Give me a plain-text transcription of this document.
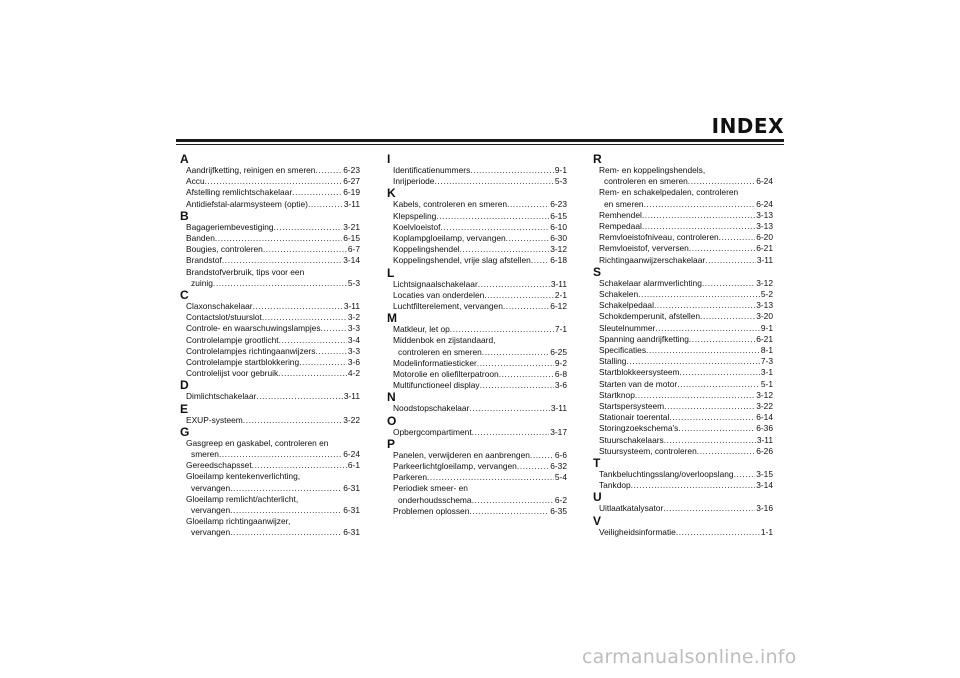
INDEX
A
Aandrijfketting, reinigen en smeren .....	6-23
Accu .....	6-27
Afstelling remlichtschakelaar .....	6-19
Antidiefstal-alarmsysteem (optie) .....	3-11
B
Bagageriembevestiging .....	3-21
Banden .....	6-15
Bougies, controleren .....	6-7
Brandstof .....	3-14
Brandstofverbruik, tips voor een
zuinig .....	5-3
C
Claxonschakelaar .....	3-11
Contactslot/stuurslot .....	3-2
Controle- en waarschuwingslampjes .....	3-3
Controlelampje grootlicht .....	3-4
Controlelampjes richtingaanwijzers .....	3-3
Controlelampje startblokkering .....	3-6
Controlelijst voor gebruik .....	4-2
D
Dimlichtschakelaar .....	3-11
E
EXUP-systeem .....	3-22
G
Gasgreep en gaskabel, controleren en
smeren .....	6-24
Gereedschapsset .....	6-1
Gloeilamp kentekenverlichting,
vervangen .....	6-31
Gloeilamp remlicht/achterlicht,
vervangen .....	6-31
Gloeilamp richtingaanwijzer,
vervangen .....	6-31
I
Identificatienummers .....	9-1
Inrijperiode .....	5-3
K
Kabels, controleren en smeren .....	6-23
Klepspeling .....	6-15
Koelvloeistof .....	6-10
Koplampgloeilamp, vervangen .....	6-30
Koppelingshendel .....	3-12
Koppelingshendel, vrije slag afstellen ..... 6-18
L
Lichtsignaalschakelaar .....	3-11
Locaties van onderdelen .....	2-1
Luchtfilterelement, vervangen .....	6-12
M
Matkleur, let op .....	7-1
Middenbok en zijstandaard,
controleren en smeren .....	6-25
Modelinformatiesticker .....	9-2
Motorolie en oliefilterpatroon .....	6-8
Multifunctioneel display .....	3-6
N
Noodstopschakelaar .....	3-11
O
Opbergcompartiment .....	3-17
P
Panelen, verwijderen en aanbrengen .....	6-6
Parkeerlichtgloeilamp, vervangen .....	6-32
Parkeren .....	5-4
Periodiek smeer- en
onderhoudsschema .....	6-2
Problemen oplossen .....	6-35
R
Rem- en koppelingshendels,
controleren en smeren .....	6-24
Rem- en schakelpedalen, controleren
en smeren .....	6-24
Remhendel .....	3-13
Rempedaal .....	3-13
Remvloeistofniveau, controleren .....	6-20
Remvloeistof, verversen .....	6-21
Richtingaanwijzerschakelaar .....	3-11
S
Schakelaar alarmverlichting .....	3-12
Schakelen .....	5-2
Schakelpedaal .....	3-13
Schokdemperunit, afstellen .....	3-20
Sleutelnummer .....	9-1
Spanning aandrijfketting .....	6-21
Specificaties .....	8-1
Stalling .....	7-3
Startblokkeersysteem .....	3-1
Starten van de motor .....	5-1
Startknop .....	3-12
Startspersysteem .....	3-22
Stationair toerental .....	6-14
Storingzoekschema's .....	6-36
Stuurschakelaars .....	3-11
Stuursysteem, controleren .....	6-26
T
Tankbeluchtingsslang/overloopslang .....	3-15
Tankdop .....	3-14
U
Uitlaatkatalysator .....	3-16
V
Veiligheidsinformatie .....	1-1
carmanualsonline.info
